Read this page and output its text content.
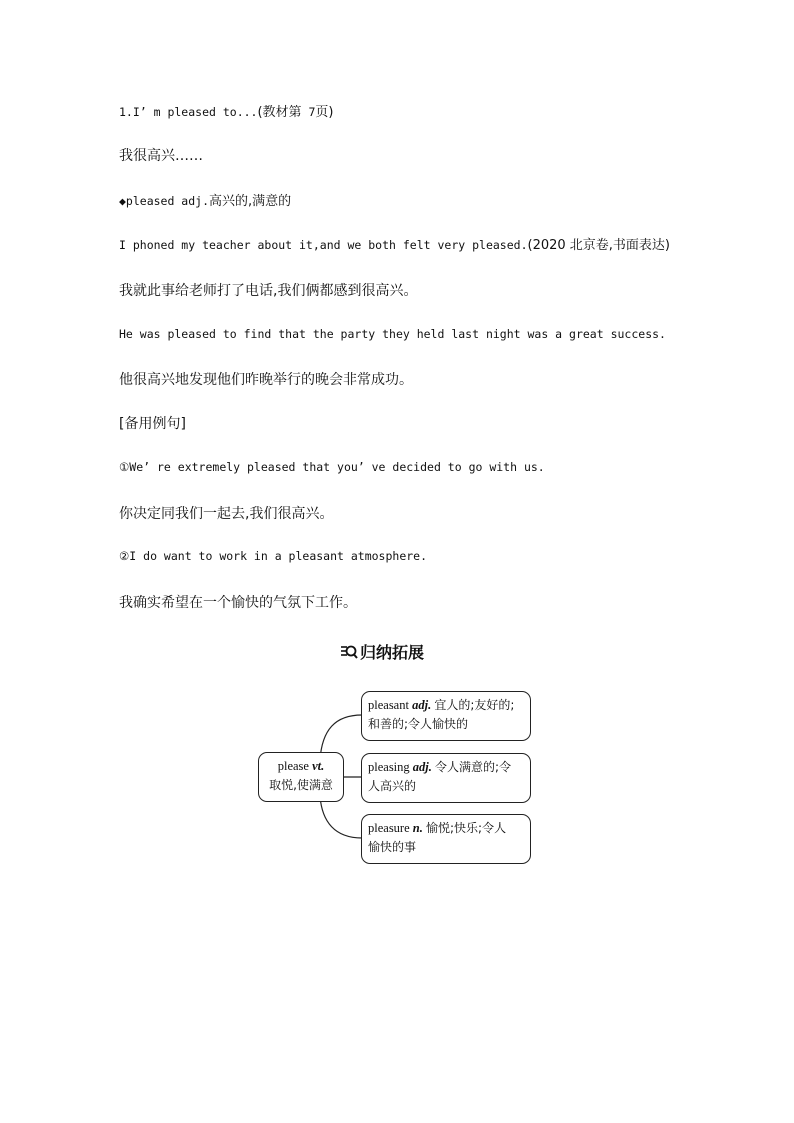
1.I’ m pleased to...(教材第 7页)
我很高兴……
◆pleased adj.高兴的,满意的
I phoned my teacher about it,and we both felt very pleased.(2020 北京卷,书面表达)
我就此事给老师打了电话,我们俩都感到很高兴。
He was pleased to find that the party they held last night was a great success.
他很高兴地发现他们昨晚举行的晚会非常成功。
[备用例句]
①We’ re extremely pleased that you’ ve decided to go with us.
你决定同我们一起去,我们很高兴。
②I do want to work in a pleasant atmosphere.
我确实希望在一个愉快的气氛下工作。
归纳拓展
please vt.
取悦,使满意
pleasant adj. 宜人的;友好的;
和善的;令人愉快的
pleasing adj. 令人满意的;令
人高兴的
pleasure n. 愉悦;快乐;令人
愉快的事
